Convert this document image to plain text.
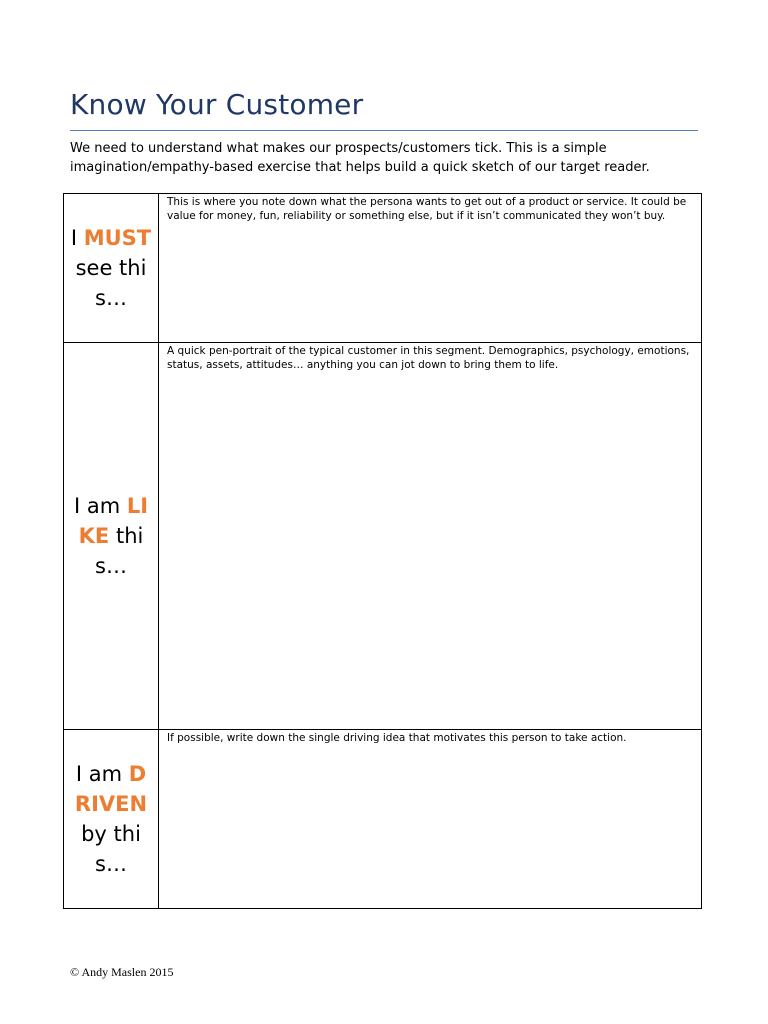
Know Your Customer
We need to understand what makes our prospects/customers tick. This is a simple imagination/empathy-based exercise that helps build a quick sketch of our target reader.
I MUST see this…	This is where you note down what the persona wants to get out of a product or service. It could be value for money, fun, reliability or something else, but if it isn’t communicated they won’t buy.

I am LIKE this…	A quick pen-portrait of the typical customer in this segment. Demographics, psychology, emotions, status, assets, attitudes… anything you can jot down to bring them to life.

I am DRIVEN by this…	If possible, write down the single driving idea that motivates this person to take action.
© Andy Maslen 2015
